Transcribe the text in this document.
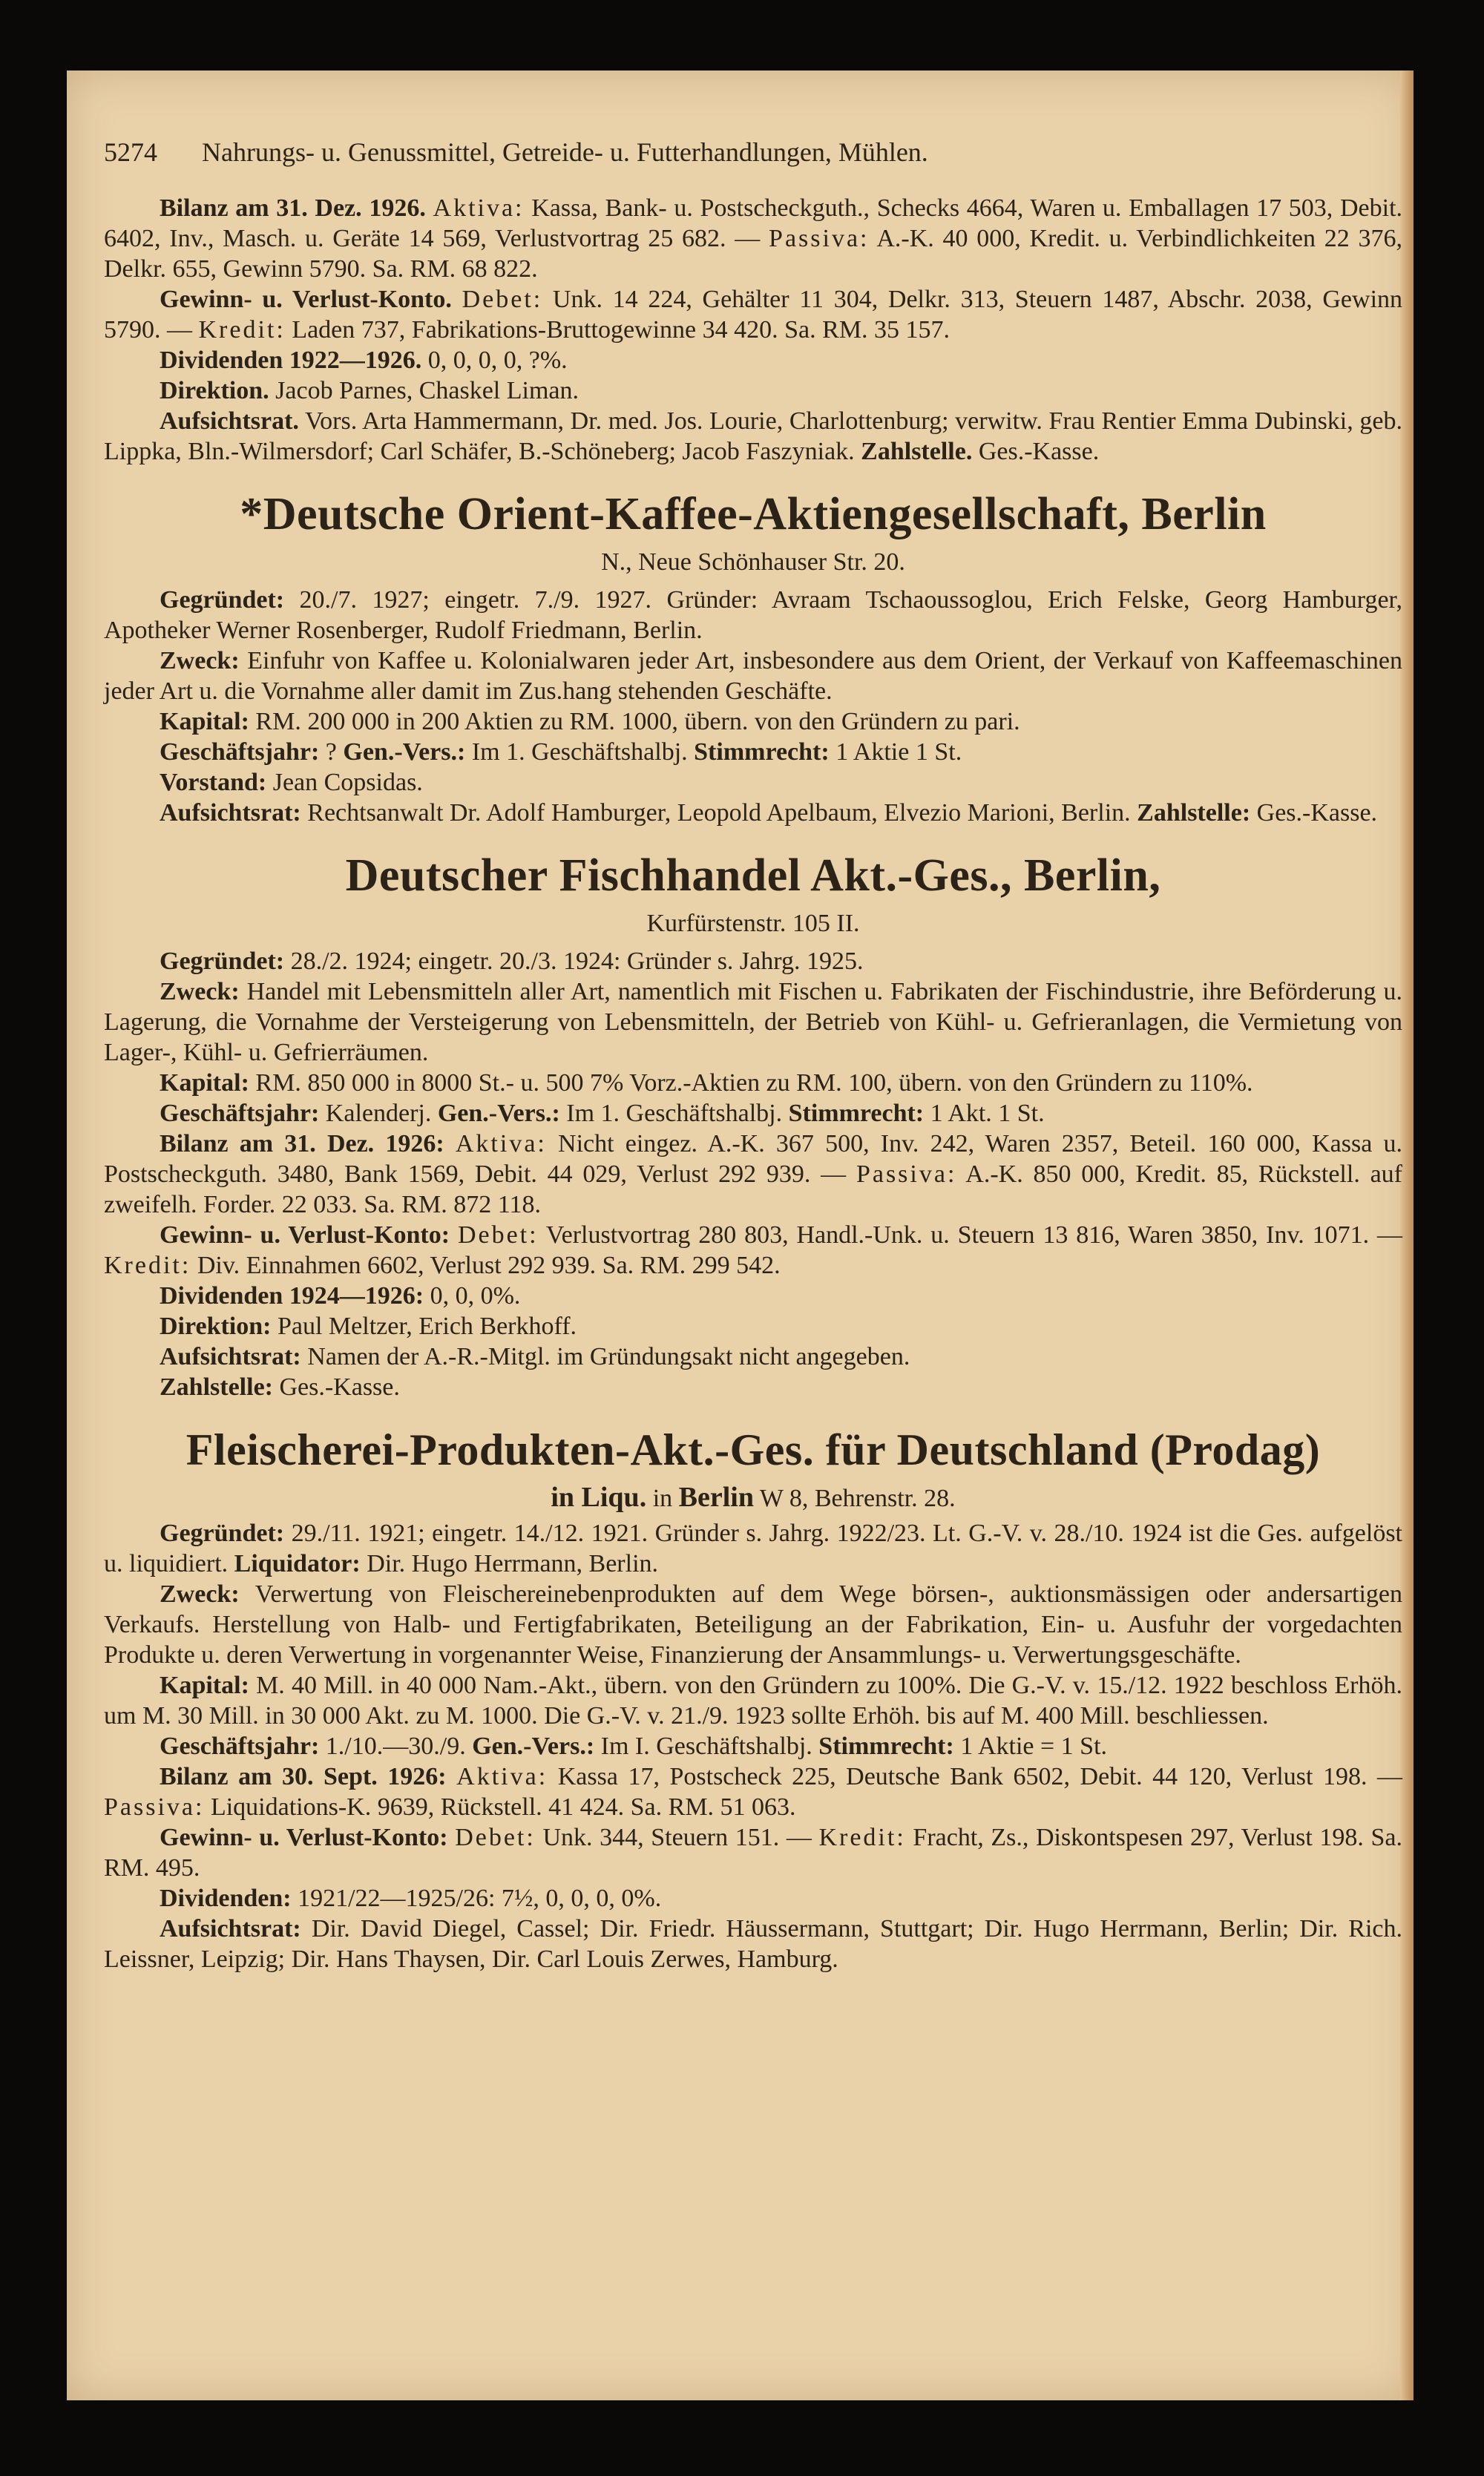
5274 Nahrungs- u. Genussmittel, Getreide- u. Futterhandlungen, Mühlen.

Bilanz am 31. Dez. 1926. Aktiva: Kassa, Bank- u. Postscheckguth., Schecks 4664, Waren u. Emballagen 17 503, Debit. 6402, Inv., Masch. u. Geräte 14 569, Verlustvortrag 25 682. — Passiva: A.-K. 40 000, Kredit. u. Verbindlichkeiten 22 376, Delkr. 655, Gewinn 5790. Sa. RM. 68 822.

Gewinn- u. Verlust-Konto. Debet: Unk. 14 224, Gehälter 11 304, Delkr. 313, Steuern 1487, Abschr. 2038, Gewinn 5790. — Kredit: Laden 737, Fabrikations-Bruttogewinne 34 420. Sa. RM. 35 157.

Dividenden 1922—1926. 0, 0, 0, 0, ?%.

Direktion. Jacob Parnes, Chaskel Liman.

Aufsichtsrat. Vors. Arta Hammermann, Dr. med. Jos. Lourie, Charlottenburg; verwitw. Frau Rentier Emma Dubinski, geb. Lippka, Bln.-Wilmersdorf; Carl Schäfer, B.-Schöneberg; Jacob Faszyniak. Zahlstelle. Ges.-Kasse.

*Deutsche Orient-Kaffee-Aktiengesellschaft, Berlin

N., Neue Schönhauser Str. 20.

Gegründet: 20./7. 1927; eingetr. 7./9. 1927. Gründer: Avraam Tschaoussoglou, Erich Felske, Georg Hamburger, Apotheker Werner Rosenberger, Rudolf Friedmann, Berlin.

Zweck: Einfuhr von Kaffee u. Kolonialwaren jeder Art, insbesondere aus dem Orient, der Verkauf von Kaffeemaschinen jeder Art u. die Vornahme aller damit im Zus.hang stehenden Geschäfte.

Kapital: RM. 200 000 in 200 Aktien zu RM. 1000, übern. von den Gründern zu pari.

Geschäftsjahr: ? Gen.-Vers.: Im 1. Geschäftshalbj. Stimmrecht: 1 Aktie 1 St.

Vorstand: Jean Copsidas.

Aufsichtsrat: Rechtsanwalt Dr. Adolf Hamburger, Leopold Apelbaum, Elvezio Marioni, Berlin. Zahlstelle: Ges.-Kasse.

Deutscher Fischhandel Akt.-Ges., Berlin,

Kurfürstenstr. 105 II.

Gegründet: 28./2. 1924; eingetr. 20./3. 1924: Gründer s. Jahrg. 1925.

Zweck: Handel mit Lebensmitteln aller Art, namentlich mit Fischen u. Fabrikaten der Fischindustrie, ihre Beförderung u. Lagerung, die Vornahme der Versteigerung von Lebensmitteln, der Betrieb von Kühl- u. Gefrieranlagen, die Vermietung von Lager-, Kühl- u. Gefrierräumen.

Kapital: RM. 850 000 in 8000 St.- u. 500 7% Vorz.-Aktien zu RM. 100, übern. von den Gründern zu 110%.

Geschäftsjahr: Kalenderj. Gen.-Vers.: Im 1. Geschäftshalbj. Stimmrecht: 1 Akt. 1 St.

Bilanz am 31. Dez. 1926: Aktiva: Nicht eingez. A.-K. 367 500, Inv. 242, Waren 2357, Beteil. 160 000, Kassa u. Postscheckguth. 3480, Bank 1569, Debit. 44 029, Verlust 292 939. — Passiva: A.-K. 850 000, Kredit. 85, Rückstell. auf zweifelh. Forder. 22 033. Sa. RM. 872 118.

Gewinn- u. Verlust-Konto: Debet: Verlustvortrag 280 803, Handl.-Unk. u. Steuern 13 816, Waren 3850, Inv. 1071. — Kredit: Div. Einnahmen 6602, Verlust 292 939. Sa. RM. 299 542.

Dividenden 1924—1926: 0, 0, 0%.

Direktion: Paul Meltzer, Erich Berkhoff.

Aufsichtsrat: Namen der A.-R.-Mitgl. im Gründungsakt nicht angegeben.

Zahlstelle: Ges.-Kasse.

Fleischerei-Produkten-Akt.-Ges. für Deutschland (Prodag)

in Liqu. in Berlin W 8, Behrenstr. 28.

Gegründet: 29./11. 1921; eingetr. 14./12. 1921. Gründer s. Jahrg. 1922/23. Lt. G.-V. v. 28./10. 1924 ist die Ges. aufgelöst u. liquidiert. Liquidator: Dir. Hugo Herrmann, Berlin.

Zweck: Verwertung von Fleischereinebenprodukten auf dem Wege börsen-, auktionsmässigen oder andersartigen Verkaufs. Herstellung von Halb- und Fertigfabrikaten, Beteiligung an der Fabrikation, Ein- u. Ausfuhr der vorgedachten Produkte u. deren Verwertung in vorgenannter Weise, Finanzierung der Ansammlungs- u. Verwertungsgeschäfte.

Kapital: M. 40 Mill. in 40 000 Nam.-Akt., übern. von den Gründern zu 100%. Die G.-V. v. 15./12. 1922 beschloss Erhöh. um M. 30 Mill. in 30 000 Akt. zu M. 1000. Die G.-V. v. 21./9. 1923 sollte Erhöh. bis auf M. 400 Mill. beschliessen.

Geschäftsjahr: 1./10.—30./9. Gen.-Vers.: Im I. Geschäftshalbj. Stimmrecht: 1 Aktie = 1 St.

Bilanz am 30. Sept. 1926: Aktiva: Kassa 17, Postscheck 225, Deutsche Bank 6502, Debit. 44 120, Verlust 198. — Passiva: Liquidations-K. 9639, Rückstell. 41 424. Sa. RM. 51 063.

Gewinn- u. Verlust-Konto: Debet: Unk. 344, Steuern 151. — Kredit: Fracht, Zs., Diskontspesen 297, Verlust 198. Sa. RM. 495.

Dividenden: 1921/22—1925/26: 7½, 0, 0, 0, 0%.

Aufsichtsrat: Dir. David Diegel, Cassel; Dir. Friedr. Häussermann, Stuttgart; Dir. Hugo Herrmann, Berlin; Dir. Rich. Leissner, Leipzig; Dir. Hans Thaysen, Dir. Carl Louis Zerwes, Hamburg.
